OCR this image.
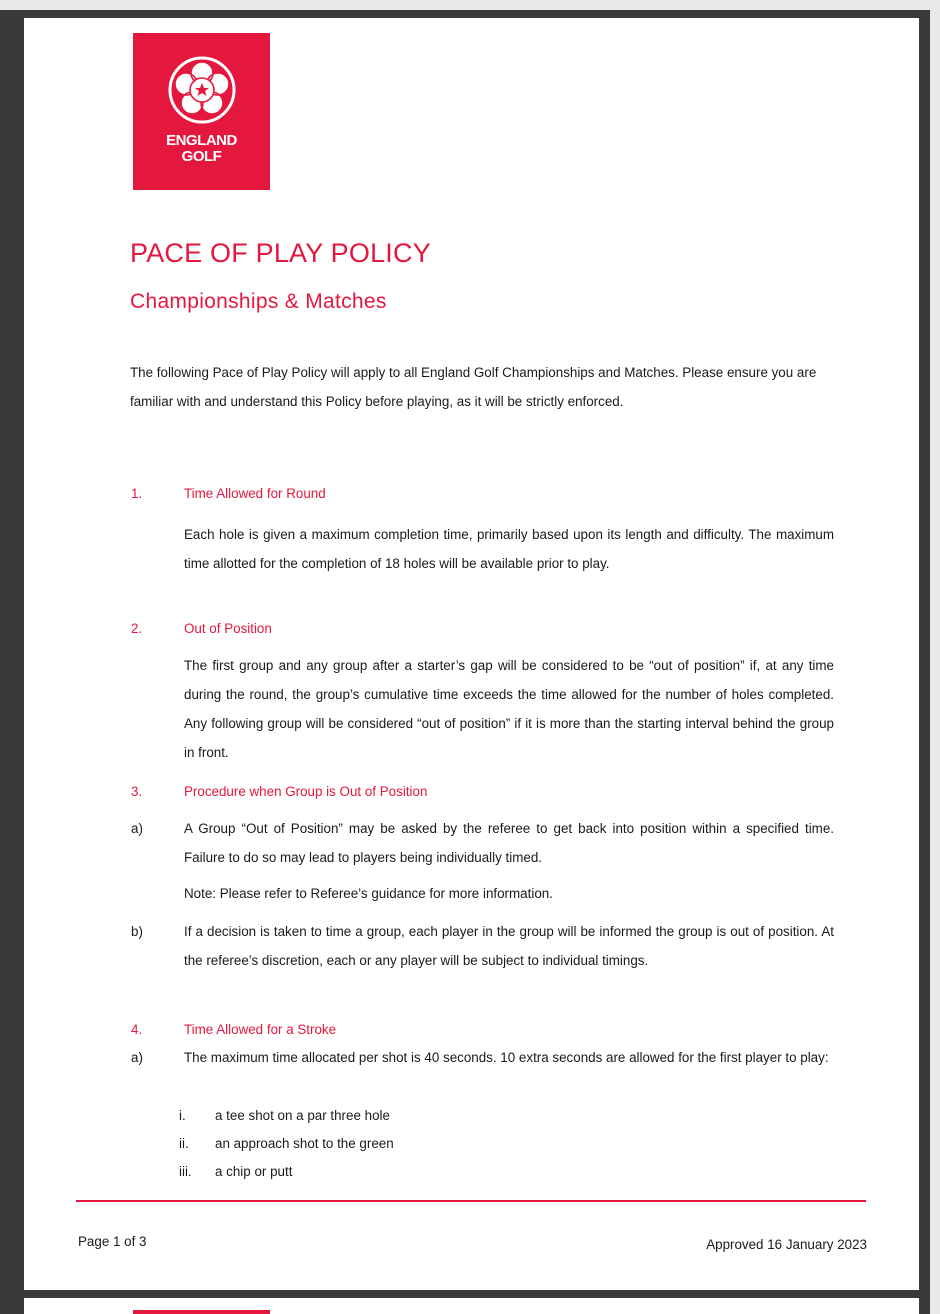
ENGLAND
GOLF
PACE OF PLAY POLICY
Championships & Matches

The following Pace of Play Policy will apply to all England Golf Championships and Matches. Please ensure you are familiar with and understand this Policy before playing, as it will be strictly enforced.

1.	Time Allowed for Round

Each hole is given a maximum completion time, primarily based upon its length and difficulty. The maximum time allotted for the completion of 18 holes will be available prior to play.

2.	Out of Position

The first group and any group after a starter’s gap will be considered to be “out of position” if, at any time during the round, the group’s cumulative time exceeds the time allowed for the number of holes completed. Any following group will be considered “out of position” if it is more than the starting interval behind the group in front.

3.	Procedure when Group is Out of Position
a)	A Group “Out of Position” may be asked by the referee to get back into position within a specified time. Failure to do so may lead to players being individually timed.

Note: Please refer to Referee’s guidance for more information.

b)	If a decision is taken to time a group, each player in the group will be informed the group is out of position. At the referee’s discretion, each or any player will be subject to individual timings.

4.	Time Allowed for a Stroke
a)	The maximum time allocated per shot is 40 seconds. 10 extra seconds are allowed for the first player to play:

i. a tee shot on a par three hole
ii. an approach shot to the green
iii. a chip or putt
Page 1 of 3	Approved 16 January 2023
